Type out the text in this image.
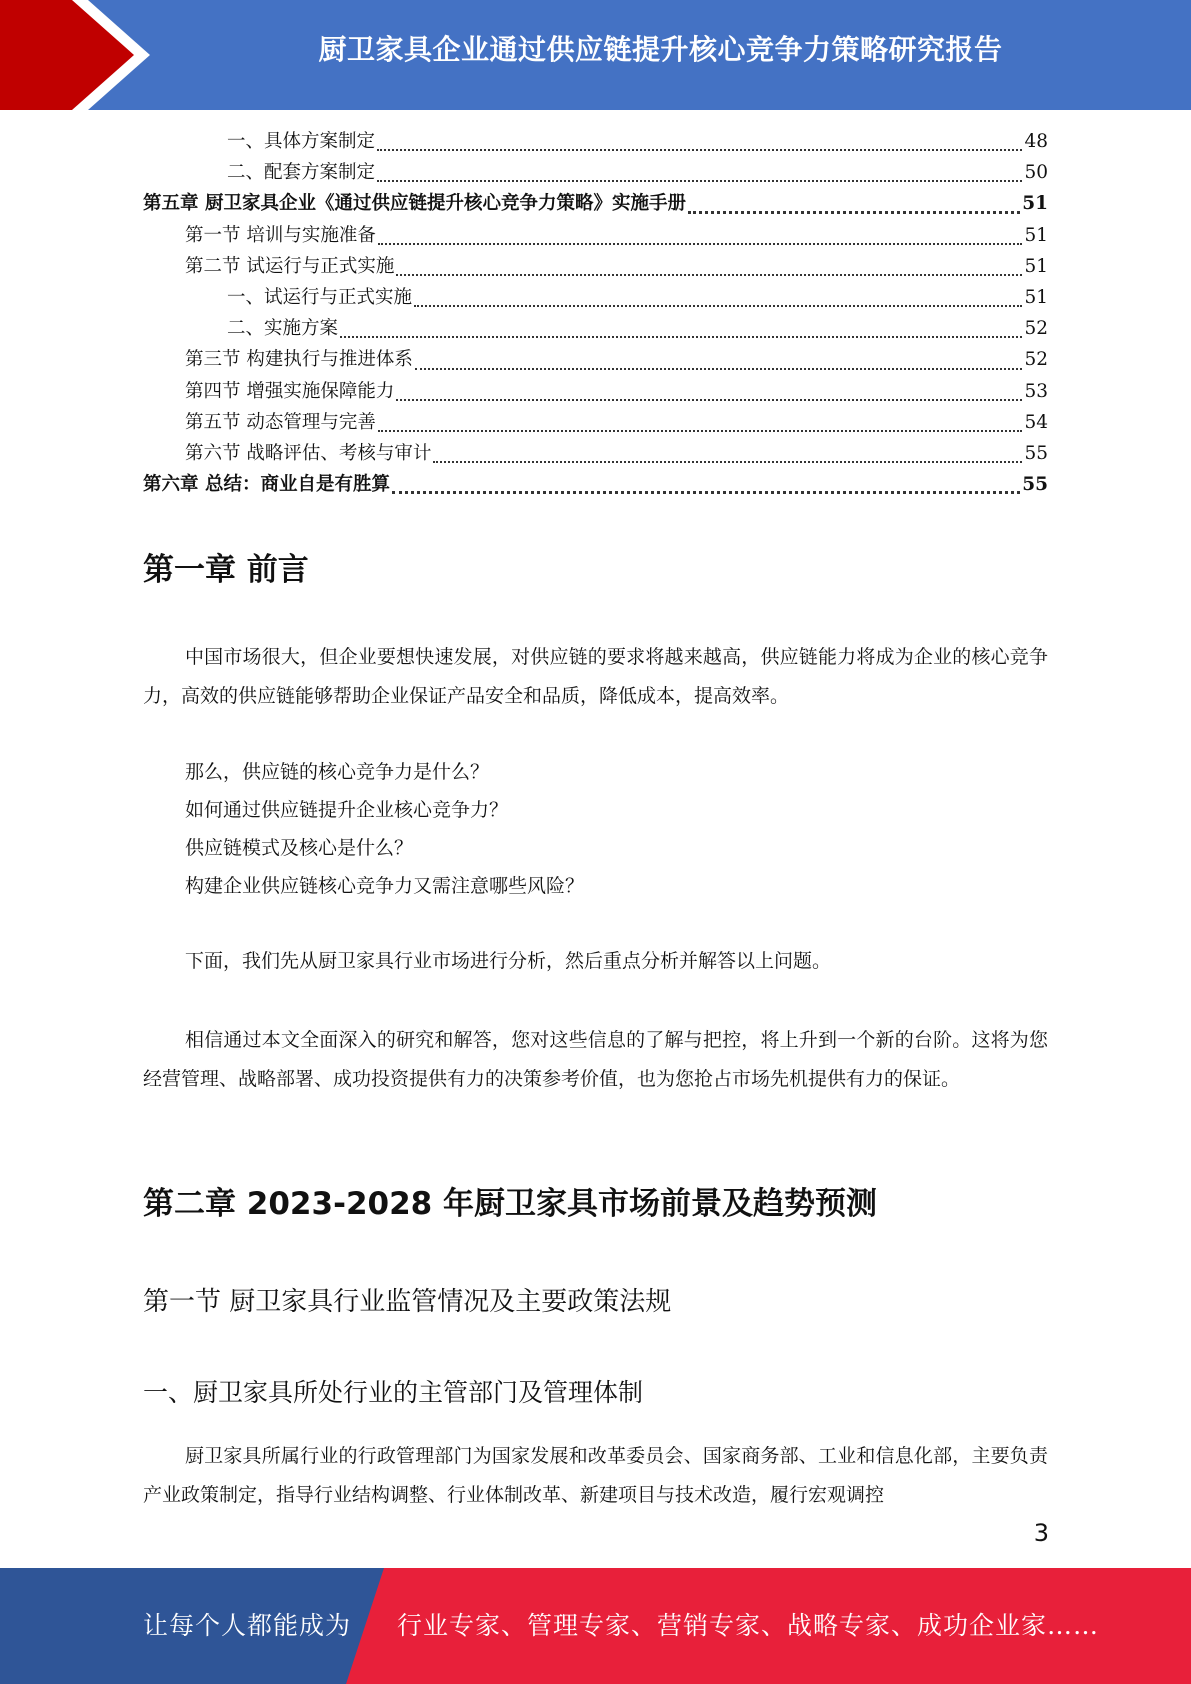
厨卫家具企业通过供应链提升核心竞争力策略研究报告
一、具体方案制定	48
二、配套方案制定	50
第五章 厨卫家具企业《通过供应链提升核心竞争力策略》实施手册	51
第一节 培训与实施准备	51
第二节 试运行与正式实施	51
一、试运行与正式实施	51
二、实施方案	52
第三节 构建执行与推进体系	52
第四节 增强实施保障能力	53
第五节 动态管理与完善	54
第六节 战略评估、考核与审计	55
第六章 总结：商业自是有胜算	55
第一章 前言
中国市场很大，但企业要想快速发展，对供应链的要求将越来越高，供应链能力将成为企业的核心竞争力，高效的供应链能够帮助企业保证产品安全和品质，降低成本，提高效率。
那么，供应链的核心竞争力是什么？
如何通过供应链提升企业核心竞争力？
供应链模式及核心是什么？
构建企业供应链核心竞争力又需注意哪些风险？
下面，我们先从厨卫家具行业市场进行分析，然后重点分析并解答以上问题。
相信通过本文全面深入的研究和解答，您对这些信息的了解与把控，将上升到一个新的台阶。这将为您经营管理、战略部署、成功投资提供有力的决策参考价值，也为您抢占市场先机提供有力的保证。
第二章 2023-2028 年厨卫家具市场前景及趋势预测
第一节 厨卫家具行业监管情况及主要政策法规
一、厨卫家具所处行业的主管部门及管理体制
厨卫家具所属行业的行政管理部门为国家发展和改革委员会、国家商务部、工业和信息化部，主要负责产业政策制定，指导行业结构调整、行业体制改革、新建项目与技术改造，履行宏观调控
3
让每个人都能成为 行业专家、管理专家、营销专家、战略专家、成功企业家……
